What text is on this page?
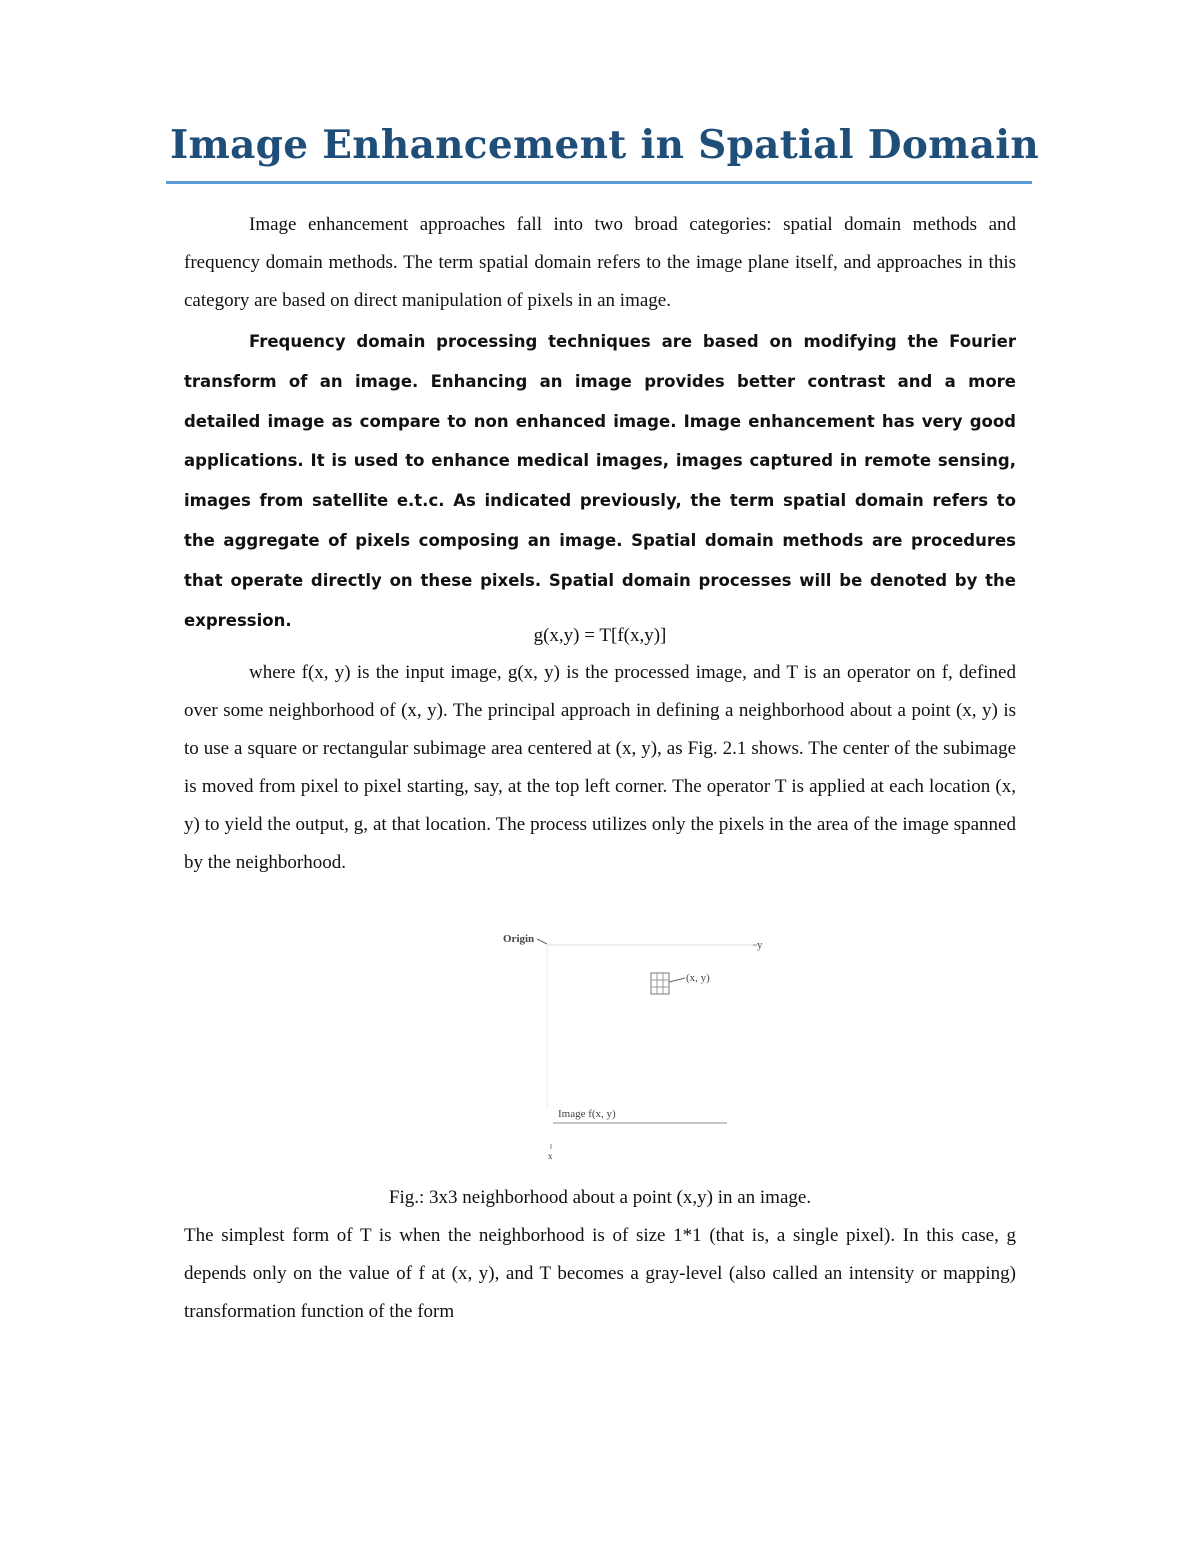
Image Enhancement in Spatial Domain

Image enhancement approaches fall into two broad categories: spatial domain methods and frequency domain methods. The term spatial domain refers to the image plane itself, and approaches in this category are based on direct manipulation of pixels in an image.

Frequency domain processing techniques are based on modifying the Fourier transform of an image. Enhancing an image provides better contrast and a more detailed image as compare to non enhanced image. Image enhancement has very good applications. It is used to enhance medical images, images captured in remote sensing, images from satellite e.t.c. As indicated previously, the term spatial domain refers to the aggregate of pixels composing an image. Spatial domain methods are procedures that operate directly on these pixels. Spatial domain processes will be denoted by the expression.

g(x,y) = T[f(x,y)]

where f(x, y) is the input image, g(x, y) is the processed image, and T is an operator on f, defined over some neighborhood of (x, y). The principal approach in defining a neighborhood about a point (x, y) is to use a square or rectangular subimage area centered at (x, y), as Fig. 2.1 shows. The center of the subimage is moved from pixel to pixel starting, say, at the top left corner. The operator T is applied at each location (x, y) to yield the output, g, at that location. The process utilizes only the pixels in the area of the image spanned by the neighborhood.

Origin	y
(x, y)
Image f(x, y)
x

Fig.: 3x3 neighborhood about a point (x,y) in an image.

The simplest form of T is when the neighborhood is of size 1*1 (that is, a single pixel). In this case, g depends only on the value of f at (x, y), and T becomes a gray-level (also called an intensity or mapping) transformation function of the form
